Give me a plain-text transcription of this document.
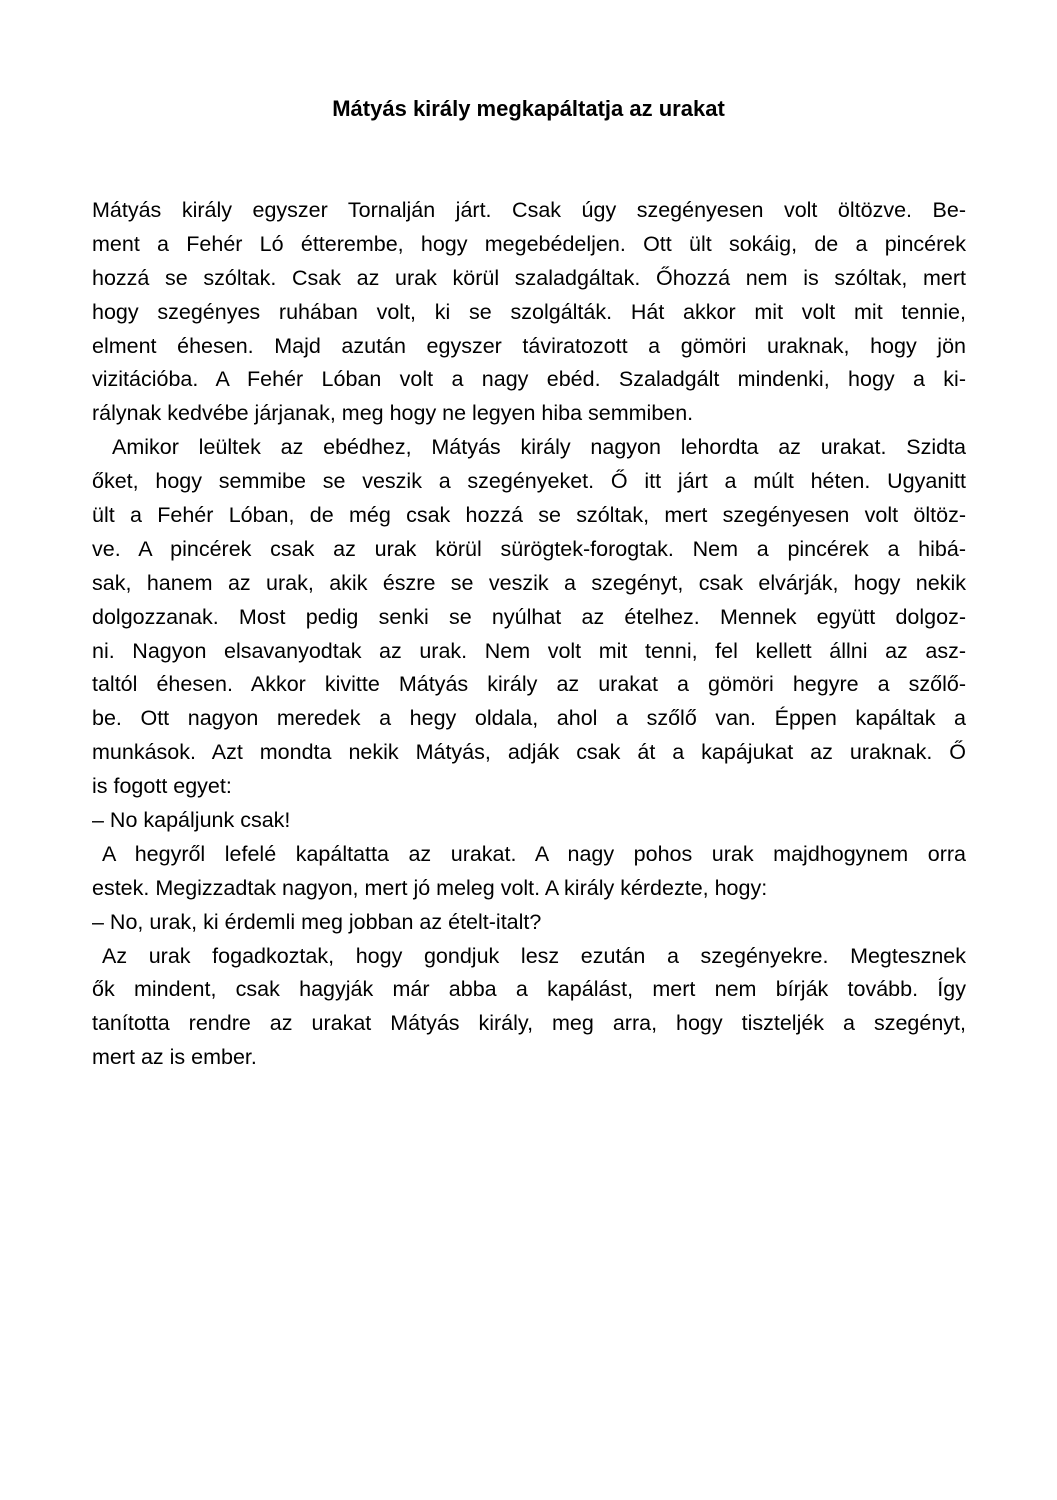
Mátyás király megkapáltatja az urakat
Mátyás király egyszer Tornalján járt. Csak úgy szegényesen volt öltözve. Be-
ment a Fehér Ló étterembe, hogy megebédeljen. Ott ült sokáig, de a pincérek
hozzá se szóltak. Csak az urak körül szaladgáltak. Őhozzá nem is szóltak, mert
hogy szegényes ruhában volt, ki se szolgálták. Hát akkor mit volt mit tennie,
elment éhesen. Majd azután egyszer táviratozott a gömöri uraknak, hogy jön
vizitációba. A Fehér Lóban volt a nagy ebéd. Szaladgált mindenki, hogy a ki-
rálynak kedvébe járjanak, meg hogy ne legyen hiba semmiben.
Amikor leültek az ebédhez, Mátyás király nagyon lehordta az urakat. Szidta
őket, hogy semmibe se veszik a szegényeket. Ő itt járt a múlt héten. Ugyanitt
ült a Fehér Lóban, de még csak hozzá se szóltak, mert szegényesen volt öltöz-
ve. A pincérek csak az urak körül sürögtek-forogtak. Nem a pincérek a hibá-
sak, hanem az urak, akik észre se veszik a szegényt, csak elvárják, hogy nekik
dolgozzanak. Most pedig senki se nyúlhat az ételhez. Mennek együtt dolgoz-
ni. Nagyon elsavanyodtak az urak. Nem volt mit tenni, fel kellett állni az asz-
taltól éhesen. Akkor kivitte Mátyás király az urakat a gömöri hegyre a szőlő-
be. Ott nagyon meredek a hegy oldala, ahol a szőlő van. Éppen kapáltak a
munkások. Azt mondta nekik Mátyás, adják csak át a kapájukat az uraknak. Ő
is fogott egyet:
– No kapáljunk csak!
A hegyről lefelé kapáltatta az urakat. A nagy pohos urak majdhogynem orra
estek. Megizzadtak nagyon, mert jó meleg volt. A király kérdezte, hogy:
– No, urak, ki érdemli meg jobban az ételt-italt?
Az urak fogadkoztak, hogy gondjuk lesz ezután a szegényekre. Megtesznek
ők mindent, csak hagyják már abba a kapálást, mert nem bírják tovább. Így
tanította rendre az urakat Mátyás király, meg arra, hogy tiszteljék a szegényt,
mert az is ember.
